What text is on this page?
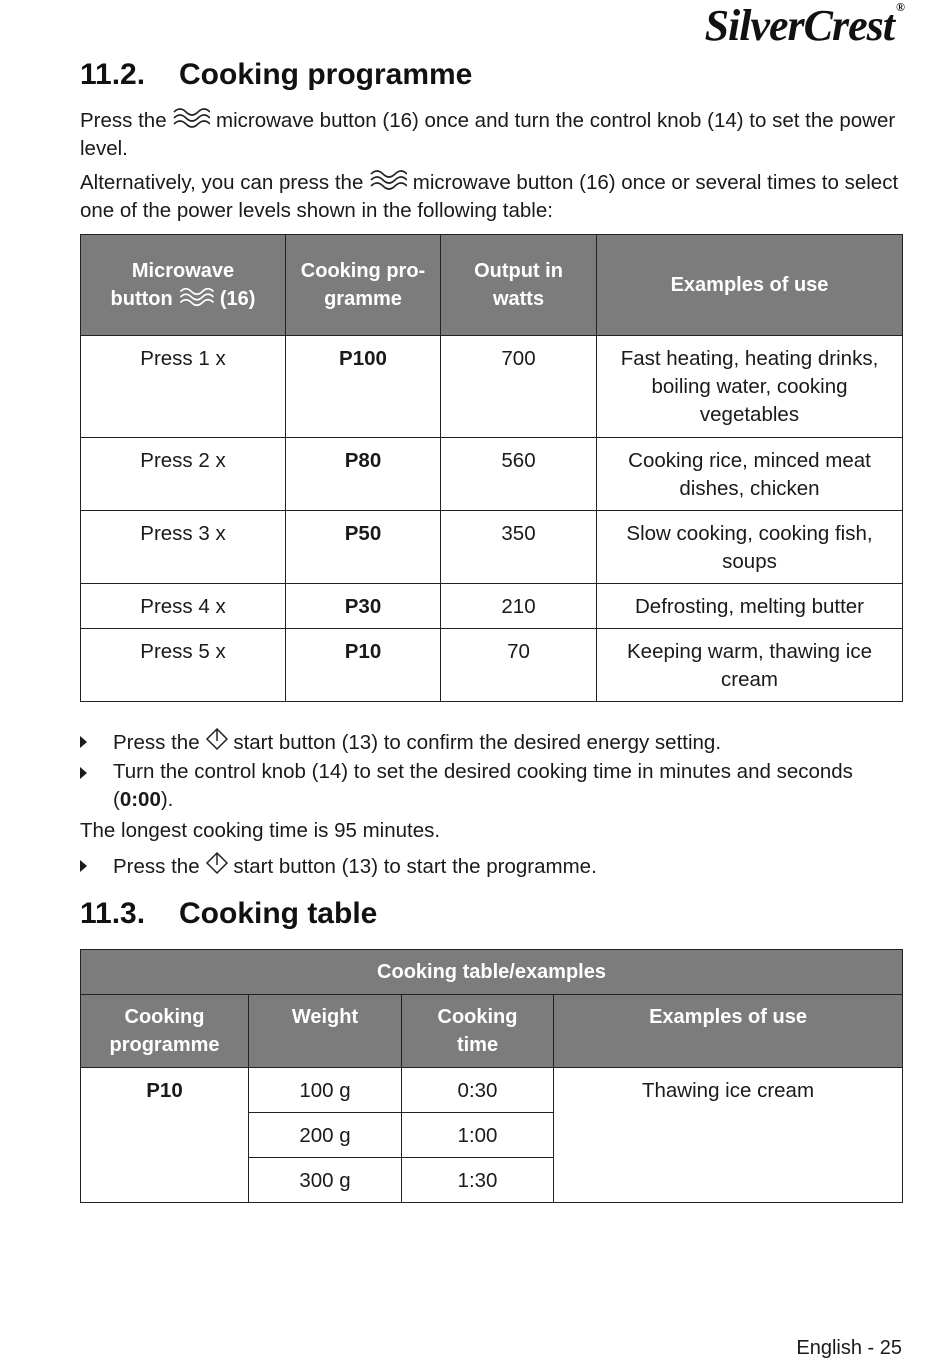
SilverCrest ®
11.2. Cooking programme

Press the microwave button (16) once and turn the control knob (14) to set the power level.

Alternatively, you can press the microwave button (16) once or several times to select one of the power levels shown in the following table:

Microwave
button (16)	Cooking pro- gramme	Output in watts	Examples of use
Press 1 x	P100	700	Fast heating, heating drinks, boiling water, cooking vegetables
Press 2 x	P80	560	Cooking rice, minced meat dishes, chicken
Press 3 x	P50	350	Slow cooking, cooking fish, soups
Press 4 x	P30	210	Defrosting, melting butter
Press 5 x	P10	70	Keeping warm, thawing ice cream
Press the start button (13) to confirm the desired energy setting.
Turn the control knob (14) to set the desired cooking time in minutes and seconds (0:00).

The longest cooking time is 95 minutes.

Press the start button (13) to start the programme.
11.3. Cooking table
Cooking table/examples			
Cooking programme	Weight	Cooking time	Examples of use
P10	100 g	0:30	Thawing ice cream
	200 g	1:00	
	300 g	1:30	
English - 25
